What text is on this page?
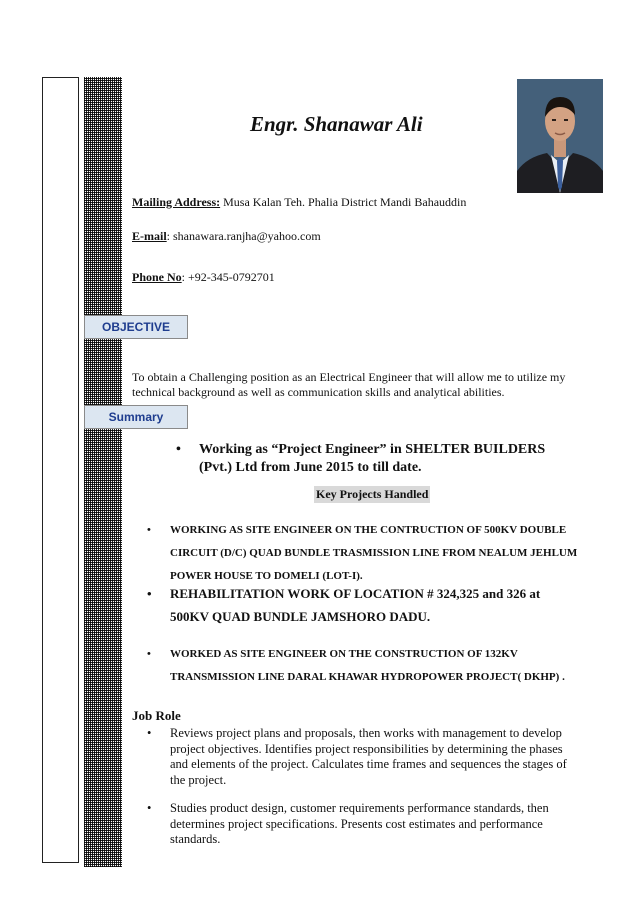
Engr. Shanawar Ali
Mailing Address: Musa Kalan Teh. Phalia District Mandi Bahauddin
E-mail: shanawara.ranjha@yahoo.com
Phone No: +92-345-0792701
OBJECTIVE
To obtain a Challenging position as an Electrical Engineer that will allow me to utilize my technical background as well as communication skills and analytical abilities.
Summary
• Working as “Project Engineer” in SHELTER BUILDERS (Pvt.) Ltd from June 2015 to till date.
Key Projects Handled
• WORKING AS SITE ENGINEER ON THE CONTRUCTION OF 500KV DOUBLE CIRCUIT (D/C) QUAD BUNDLE TRASMISSION LINE FROM NEALUM JEHLUM POWER HOUSE TO DOMELI (LOT-I).
• REHABILITATION WORK OF LOCATION # 324,325 and 326 at 500KV QUAD BUNDLE JAMSHORO DADU.
• WORKED AS SITE ENGINEER ON THE CONSTRUCTION OF 132KV TRANSMISSION LINE DARAL KHAWAR HYDROPOWER PROJECT( DKHP) .
Job Role
• Reviews project plans and proposals, then works with management to develop project objectives. Identifies project responsibilities by determining the phases and elements of the project. Calculates time frames and sequences the stages of the project.
• Studies product design, customer requirements performance standards, then determines project specifications. Presents cost estimates and performance standards.
